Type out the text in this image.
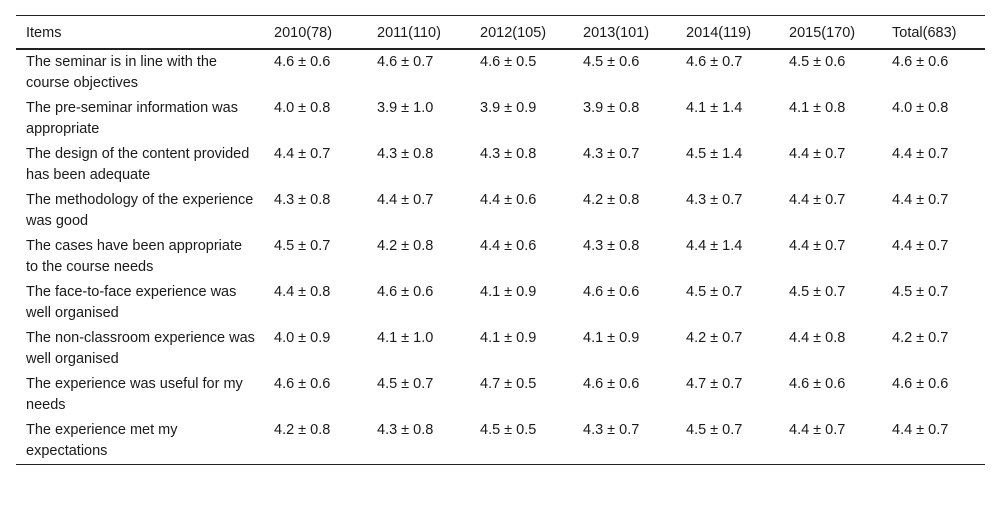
Items	2010(78)	2011(110)	2012(105)	2013(101)	2014(119)	2015(170)	Total(683)
The seminar is in line with the course objectives	4.6 ± 0.6	4.6 ± 0.7	4.6 ± 0.5	4.5 ± 0.6	4.6 ± 0.7	4.5 ± 0.6	4.6 ± 0.6
The pre-seminar information was appropriate	4.0 ± 0.8	3.9 ± 1.0	3.9 ± 0.9	3.9 ± 0.8	4.1 ± 1.4	4.1 ± 0.8	4.0 ± 0.8
The design of the content provided has been adequate	4.4 ± 0.7	4.3 ± 0.8	4.3 ± 0.8	4.3 ± 0.7	4.5 ± 1.4	4.4 ± 0.7	4.4 ± 0.7
The methodology of the experience was good	4.3 ± 0.8	4.4 ± 0.7	4.4 ± 0.6	4.2 ± 0.8	4.3 ± 0.7	4.4 ± 0.7	4.4 ± 0.7
The cases have been appropriate to the course needs	4.5 ± 0.7	4.2 ± 0.8	4.4 ± 0.6	4.3 ± 0.8	4.4 ± 1.4	4.4 ± 0.7	4.4 ± 0.7
The face-to-face experience was well organised	4.4 ± 0.8	4.6 ± 0.6	4.1 ± 0.9	4.6 ± 0.6	4.5 ± 0.7	4.5 ± 0.7	4.5 ± 0.7
The non-classroom experience was well organised	4.0 ± 0.9	4.1 ± 1.0	4.1 ± 0.9	4.1 ± 0.9	4.2 ± 0.7	4.4 ± 0.8	4.2 ± 0.7
The experience was useful for my needs	4.6 ± 0.6	4.5 ± 0.7	4.7 ± 0.5	4.6 ± 0.6	4.7 ± 0.7	4.6 ± 0.6	4.6 ± 0.6
The experience met my expectations	4.2 ± 0.8	4.3 ± 0.8	4.5 ± 0.5	4.3 ± 0.7	4.5 ± 0.7	4.4 ± 0.7	4.4 ± 0.7
